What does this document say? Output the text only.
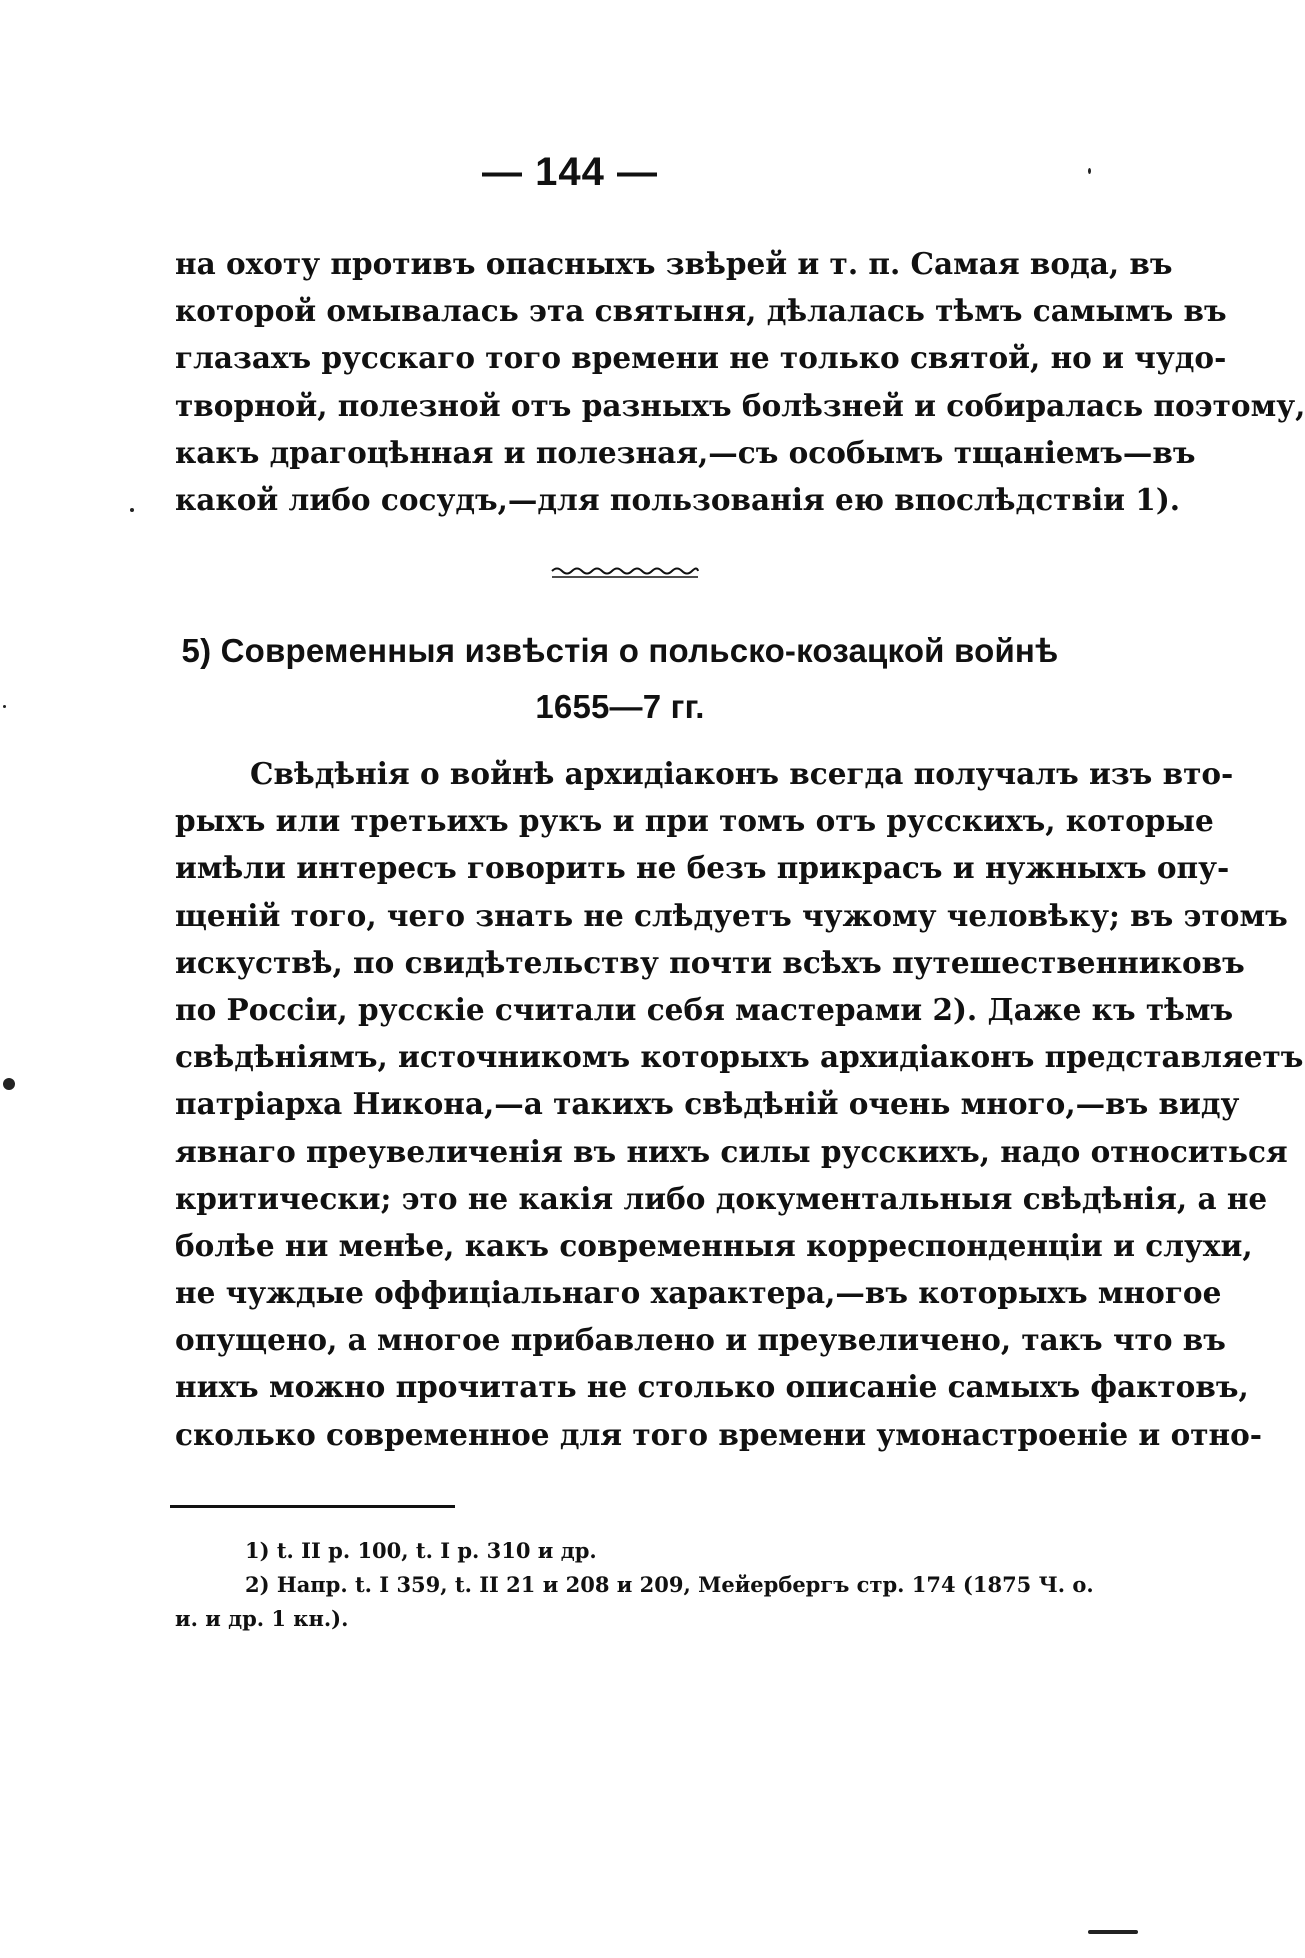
— 144 —
на охоту противъ опасныхъ звѣрей и т. п. Самая вода, въ
которой омывалась эта святыня, дѣлалась тѣмъ самымъ въ
глазахъ русскаго того времени не только святой, но и чудо-
творной, полезной отъ разныхъ болѣзней и собиралась поэтому,
какъ драгоцѣнная и полезная,—съ особымъ тщаніемъ—въ
какой либо сосудъ,—для пользованія ею впослѣдствіи 1).
5) Современныя извѣстія о польско-козацкой войнѣ
1655—7 гг.
Свѣдѣнія о войнѣ архидіаконъ всегда получалъ изъ вто-
рыхъ или третьихъ рукъ и при томъ отъ русскихъ, которые
имѣли интересъ говорить не безъ прикрасъ и нужныхъ опу-
щеній того, чего знать не слѣдуетъ чужому человѣку; въ этомъ
искуствѣ, по свидѣтельству почти всѣхъ путешественниковъ
по Россіи, русскіе считали себя мастерами 2). Даже къ тѣмъ
свѣдѣніямъ, источникомъ которыхъ архидіаконъ представляетъ
патріарха Никона,—а такихъ свѣдѣній очень много,—въ виду
явнаго преувеличенія въ нихъ силы русскихъ, надо относиться
критически; это не какія либо документальныя свѣдѣнія, а не
болѣе ни менѣе, какъ современныя корреспонденціи и слухи,
не чуждые оффиціальнаго характера,—въ которыхъ многое
опущено, а многое прибавлено и преувеличено, такъ что въ
нихъ можно прочитать не столько описаніе самыхъ фактовъ,
сколько современное для того времени умонастроеніе и отно-
1) t. II p. 100, t. I p. 310 и др.
2) Напр. t. I 359, t. II 21 и 208 и 209, Мейербергъ стр. 174 (1875 Ч. о.
и. и др. 1 кн.).
